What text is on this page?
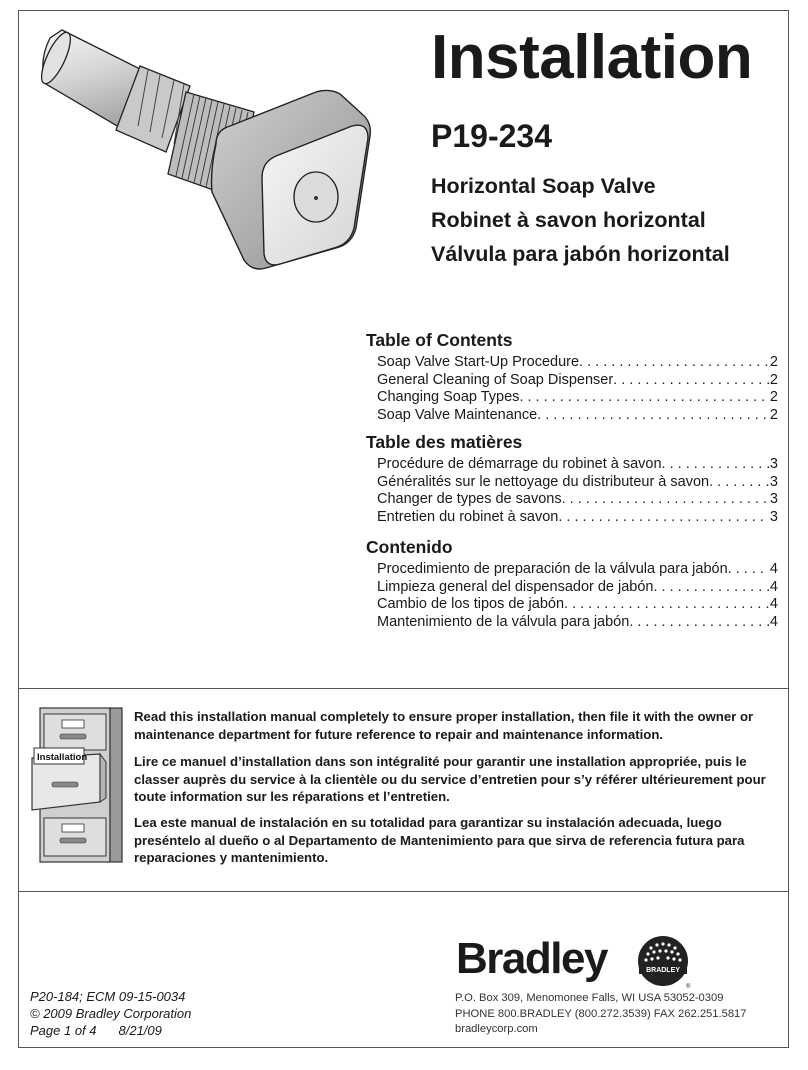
Installation
P19-234
Horizontal Soap Valve
Robinet à savon horizontal
Válvula para jabón horizontal
Table of Contents
Soap Valve Start-Up Procedure . . .	2
General Cleaning of Soap Dispenser . . .	2
Changing Soap Types . . .	2
Soap Valve Maintenance . . .	2
Table des matières
Procédure de démarrage du robinet à savon . . .	3
Généralités sur le nettoyage du distributeur à savon . . .	3
Changer de types de savons . . .	3
Entretien du robinet à savon . . .	3
Contenido
Procedimiento de preparación de la válvula para jabón . . .	4
Limpieza general del dispensador de jabón . . .	4
Cambio de los tipos de jabón . . .	4
Mantenimiento de la válvula para jabón . . .	4
Installation
Read this installation manual completely to ensure proper installation, then file it with the owner or maintenance department for future reference to repair and maintenance information.
Lire ce manuel d’installation dans son intégralité pour garantir une installation appropriée, puis le classer auprès du service à la clientèle ou du service d’entretien pour s’y référer ultérieurement pour toute information sur les réparations et l’entretien.
Lea este manual de instalación en su totalidad para garantizar su instalación adecuada, luego preséntelo al dueño o al Departamento de Mantenimiento para que sirva de referencia futura para reparaciones y mantenimiento.
P20-184; ECM 09-15-0034
© 2009 Bradley Corporation
Page 1 of 4 8/21/09
Bradley	BRADLEY
®
P.O. Box 309, Menomonee Falls, WI USA 53052-0309
PHONE 800.BRADLEY (800.272.3539) FAX 262.251.5817
bradleycorp.com
